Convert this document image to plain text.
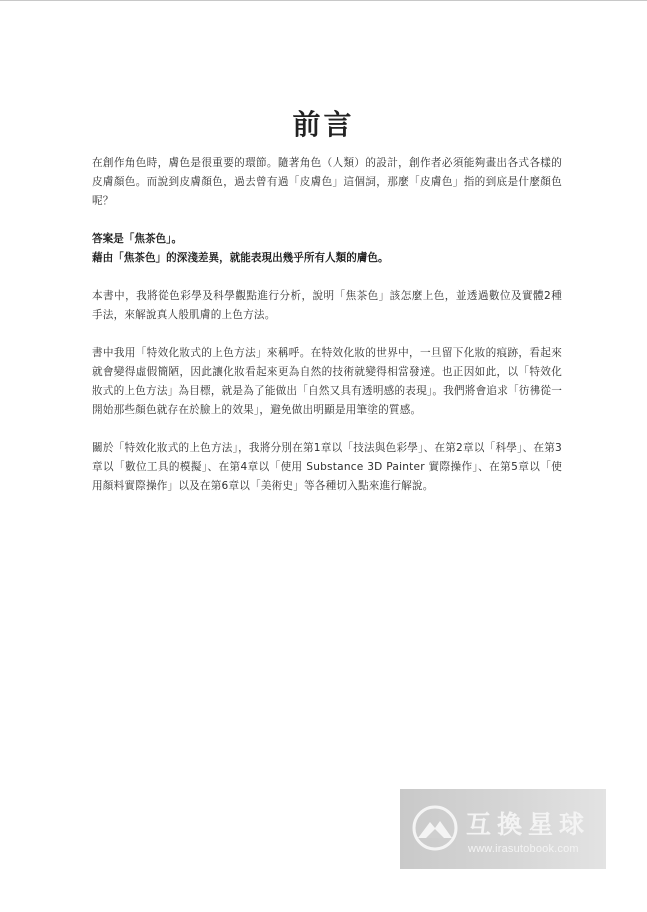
前言

在創作角色時，膚色是很重要的環節。隨著角色（人類）的設計，創作者必須能夠畫出各式各樣的皮膚顏色。而說到皮膚顏色，過去曾有過「皮膚色」這個詞，那麼「皮膚色」指的到底是什麼顏色呢？

答案是「焦茶色」。

藉由「焦茶色」的深淺差異，就能表現出幾乎所有人類的膚色。

本書中，我將從色彩學及科學觀點進行分析，說明「焦茶色」該怎麼上色，並透過數位及實體2種手法，來解說真人般肌膚的上色方法。

書中我用「特效化妝式的上色方法」來稱呼。在特效化妝的世界中，一旦留下化妝的痕跡，看起來就會變得虛假簡陋，因此讓化妝看起來更為自然的技術就變得相當發達。也正因如此，以「特效化妝式的上色方法」為目標，就是為了能做出「自然又具有透明感的表現」。我們將會追求「彷彿從一開始那些顏色就存在於臉上的效果」，避免做出明顯是用筆塗的質感。

關於「特效化妝式的上色方法」，我將分別在第1章以「技法與色彩學」、在第2章以「科學」、在第3章以「數位工具的模擬」、在第4章以「使用 Substance 3D Painter 實際操作」、在第5章以「使用顏料實際操作」以及在第6章以「美術史」等各種切入點來進行解說。

互換星球
www.irasutobook.com
